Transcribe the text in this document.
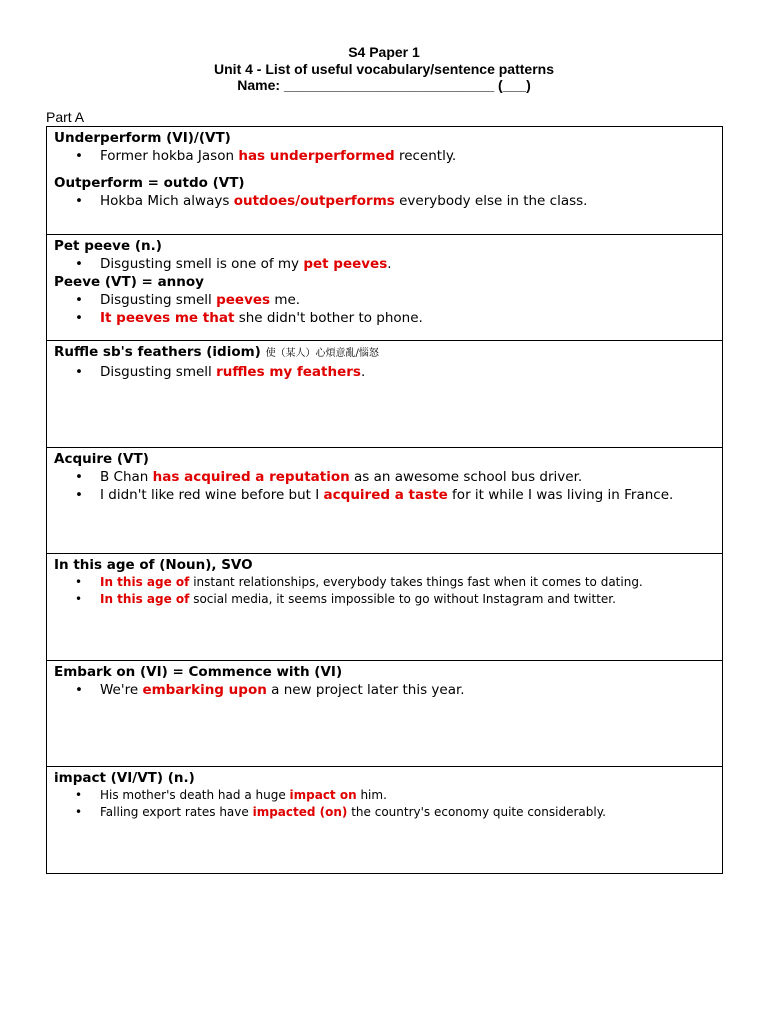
S4 Paper 1
Unit 4 - List of useful vocabulary/sentence patterns
Name: ___________________________ (___)
Part A
Underperform (VI)/(VT)
• Former hokba Jason has underperformed recently.
Outperform = outdo (VT)
• Hokba Mich always outdoes/outperforms everybody else in the class.
Pet peeve (n.)
• Disgusting smell is one of my pet peeves.
Peeve (VT) = annoy
• Disgusting smell peeves me.
• It peeves me that she didn't bother to phone.
Ruffle sb's feathers (idiom) 使（某人）心煩意亂/惱怒
• Disgusting smell ruffles my feathers.
Acquire (VT)
• B Chan has acquired a reputation as an awesome school bus driver.
• I didn't like red wine before but I acquired a taste for it while I was living in France.
In this age of (Noun), SVO
• In this age of instant relationships, everybody takes things fast when it comes to dating.
• In this age of social media, it seems impossible to go without Instagram and twitter.
Embark on (VI) = Commence with (VI)
• We're embarking upon a new project later this year.
impact (VI/VT) (n.)
• His mother's death had a huge impact on him.
• Falling export rates have impacted (on) the country's economy quite considerably.
